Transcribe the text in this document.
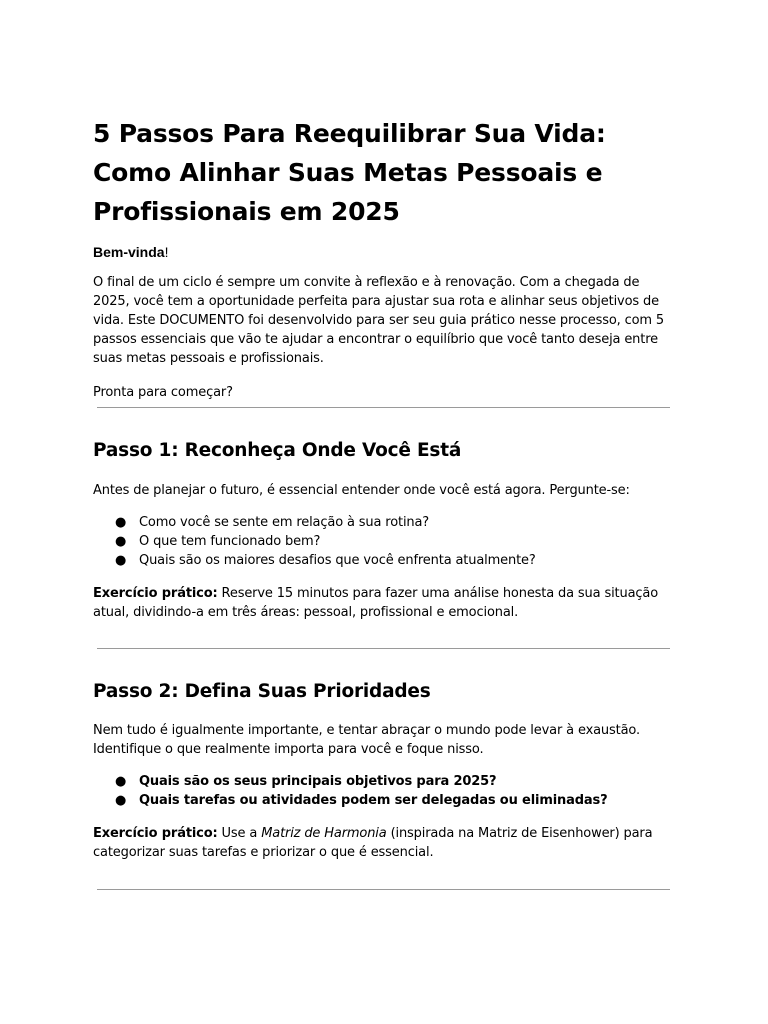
5 Passos Para Reequilibrar Sua Vida: Como Alinhar Suas Metas Pessoais e Profissionais em 2025
Bem-vinda!

O final de um ciclo é sempre um convite à reflexão e à renovação. Com a chegada de 2025, você tem a oportunidade perfeita para ajustar sua rota e alinhar seus objetivos de vida. Este DOCUMENTO foi desenvolvido para ser seu guia prático nesse processo, com 5 passos essenciais que vão te ajudar a encontrar o equilíbrio que você tanto deseja entre suas metas pessoais e profissionais.

Pronta para começar?

Passo 1: Reconheça Onde Você Está

Antes de planejar o futuro, é essencial entender onde você está agora. Pergunte-se:

● Como você se sente em relação à sua rotina?
● O que tem funcionado bem?
● Quais são os maiores desafios que você enfrenta atualmente?

Exercício prático: Reserve 15 minutos para fazer uma análise honesta da sua situação atual, dividindo-a em três áreas: pessoal, profissional e emocional.

Passo 2: Defina Suas Prioridades

Nem tudo é igualmente importante, e tentar abraçar o mundo pode levar à exaustão. Identifique o que realmente importa para você e foque nisso.

● Quais são os seus principais objetivos para 2025?
● Quais tarefas ou atividades podem ser delegadas ou eliminadas?

Exercício prático: Use a Matriz de Harmonia (inspirada na Matriz de Eisenhower) para categorizar suas tarefas e priorizar o que é essencial.
